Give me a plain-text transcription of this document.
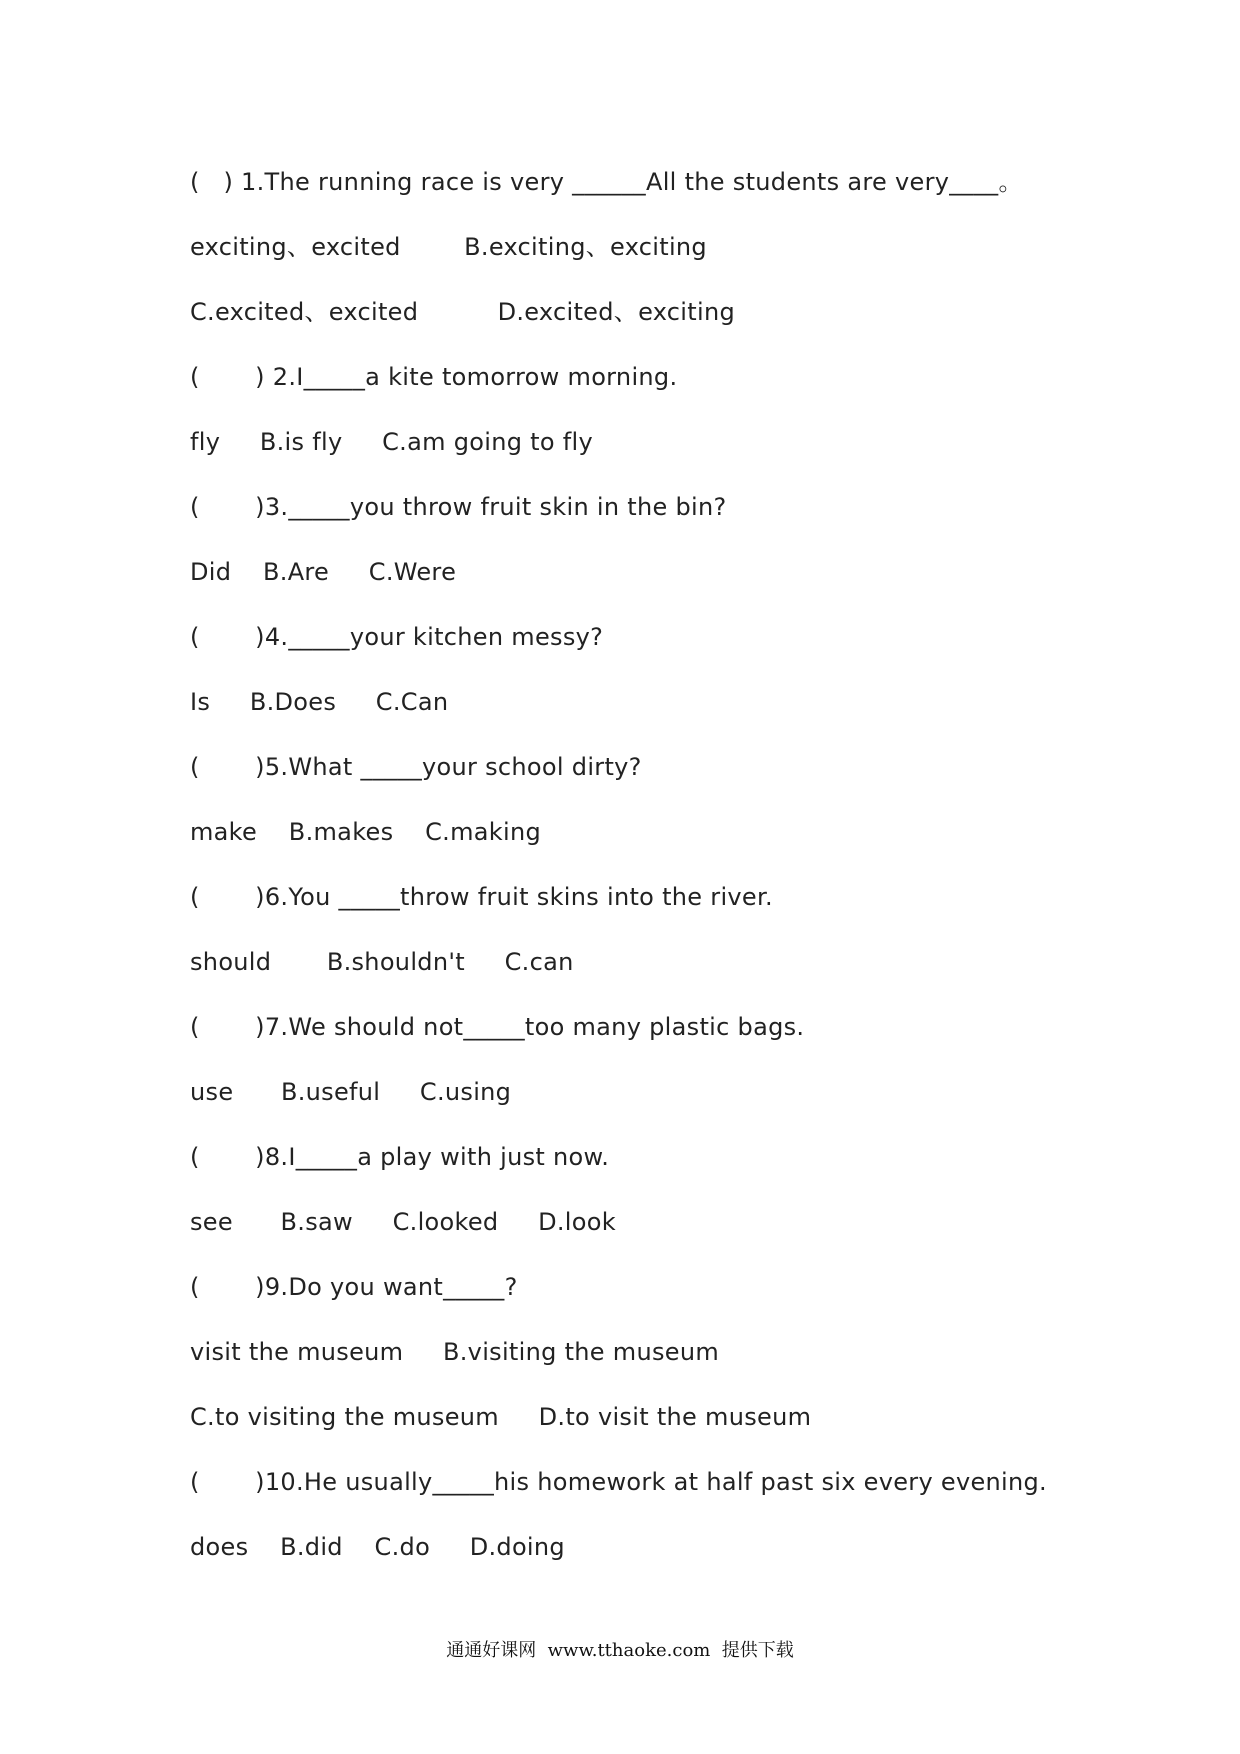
(   ) 1.The running race is very ______All the students are very____。
exciting、excited        B.exciting、exciting
C.excited、excited          D.excited、exciting
(       ) 2.I_____a kite tomorrow morning.
fly     B.is fly     C.am going to fly
(       )3._____you throw fruit skin in the bin?
Did    B.Are     C.Were
(       )4._____your kitchen messy?
Is     B.Does     C.Can
(       )5.What _____your school dirty?
make    B.makes    C.making
(       )6.You _____throw fruit skins into the river.
should       B.shouldn't     C.can
(       )7.We should not_____too many plastic bags.
use      B.useful     C.using
(       )8.I_____a play with just now.
see      B.saw     C.looked     D.look
(       )9.Do you want_____?
visit the museum     B.visiting the museum
C.to visiting the museum     D.to visit the museum
(       )10.He usually_____his homework at half past six every evening.
does    B.did    C.do     D.doing
通通好课网  www.tthaoke.com  提供下载
